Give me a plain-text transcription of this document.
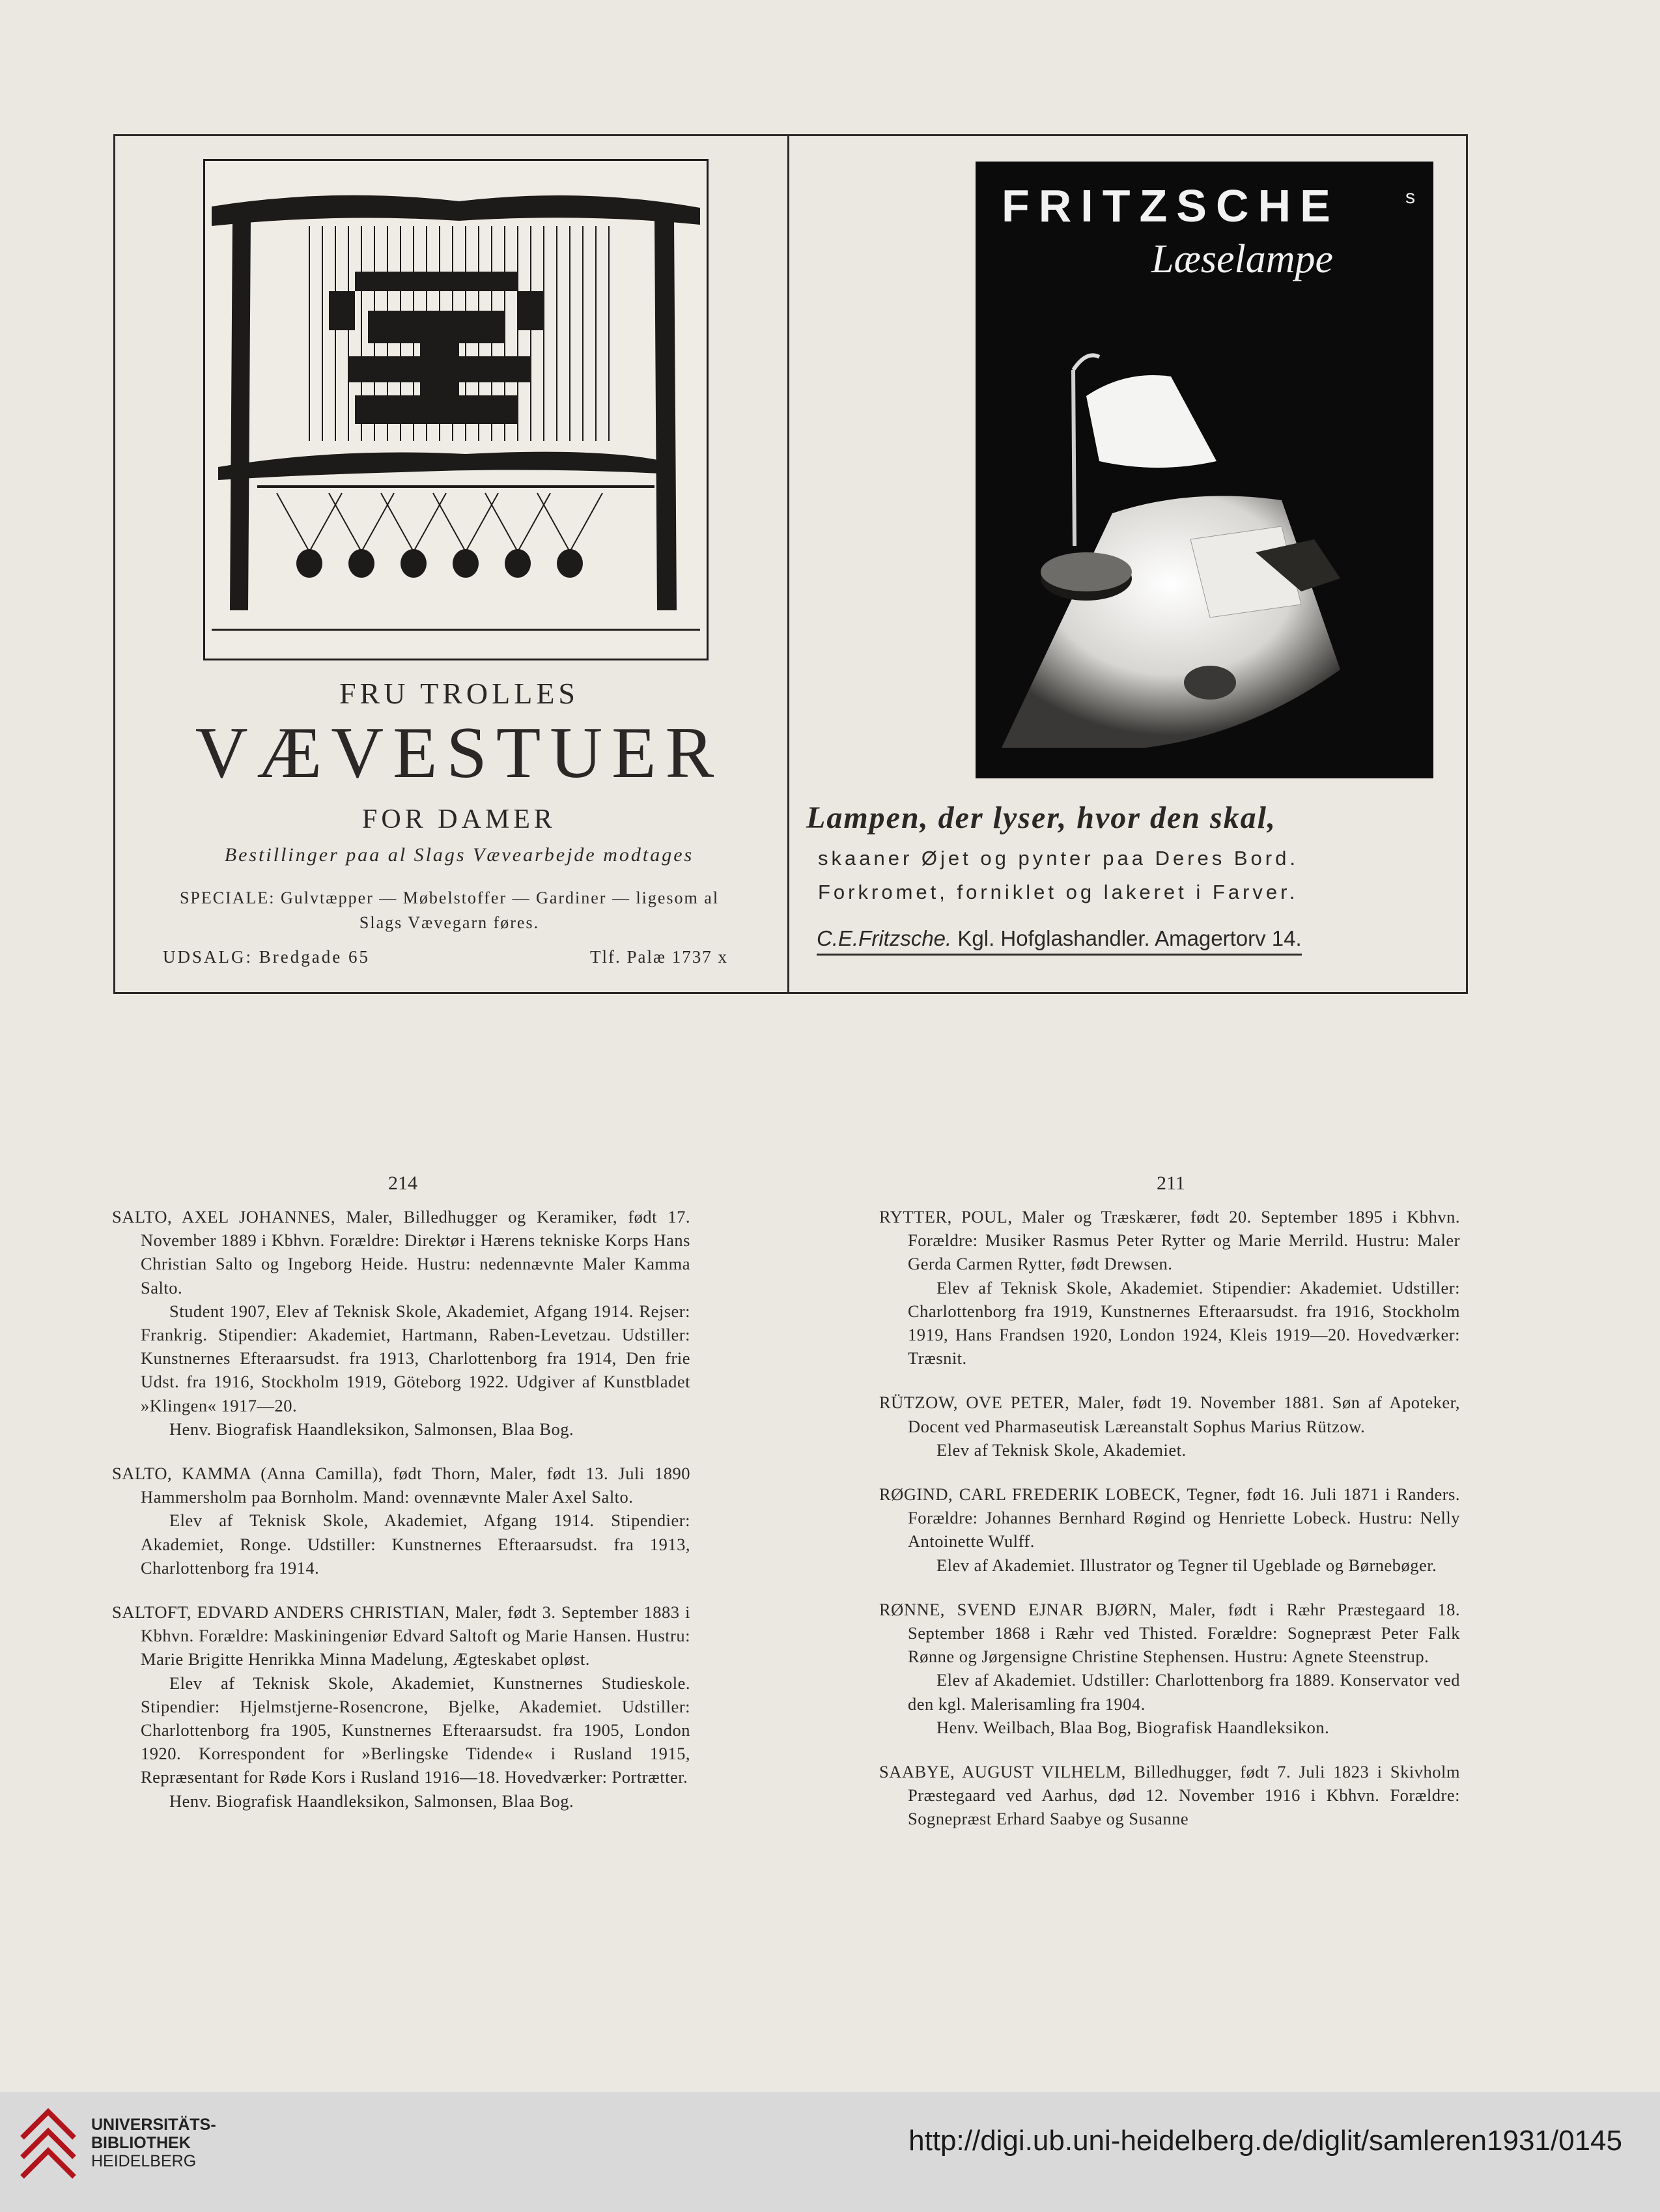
FRU TROLLES
VÆVESTUER
FOR DAMER
Bestillinger paa al Slags Vævearbejde modtages
SPECIALE: Gulvtæpper — Møbelstoffer — Gardiner — ligesom al Slags Vævegarn føres.
UDSALG: Bredgade 65	Tlf. Palæ 1737 x
FRITZSCHE	s
Læselampe
Lampen, der lyser, hvor den skal,
skaaner Øjet og pynter paa Deres Bord.
Forkromet, forniklet og lakeret i Farver.
C.E.Fritzsche. Kgl. Hofglashandler. Amagertorv 14.
214	211

SALTO, AXEL JOHANNES, Maler, Billedhugger og Keramiker, født 17. November 1889 i Kbhvn. Forældre: Direktør i Hærens tekniske Korps Hans Christian Salto og Ingeborg Heide. Hustru: nedennævnte Maler Kamma Salto.

Student 1907, Elev af Teknisk Skole, Akademiet, Afgang 1914. Rejser: Frankrig. Stipendier: Akademiet, Hartmann, Raben-Levetzau. Udstiller: Kunstnernes Efteraarsudst. fra 1913, Charlottenborg fra 1914, Den frie Udst. fra 1916, Stockholm 1919, Göteborg 1922. Udgiver af Kunstbladet »Klingen« 1917—20.

Henv. Biografisk Haandleksikon, Salmonsen, Blaa Bog.

SALTO, KAMMA (Anna Camilla), født Thorn, Maler, født 13. Juli 1890 Hammersholm paa Bornholm. Mand: ovennævnte Maler Axel Salto.

Elev af Teknisk Skole, Akademiet, Afgang 1914. Stipendier: Akademiet, Ronge. Udstiller: Kunstnernes Efteraarsudst. fra 1913, Charlottenborg fra 1914.

SALTOFT, EDVARD ANDERS CHRISTIAN, Maler, født 3. September 1883 i Kbhvn. Forældre: Maskiningeniør Edvard Saltoft og Marie Hansen. Hustru: Marie Brigitte Henrikka Minna Madelung, Ægteskabet opløst.

Elev af Teknisk Skole, Akademiet, Kunstnernes Studieskole. Stipendier: Hjelmstjerne-Rosencrone, Bjelke, Akademiet. Udstiller: Charlottenborg fra 1905, Kunstnernes Efteraarsudst. fra 1905, London 1920. Korrespondent for »Berlingske Tidende« i Rusland 1915, Repræsentant for Røde Kors i Rusland 1916—18. Hovedværker: Portrætter.

Henv. Biografisk Haandleksikon, Salmonsen, Blaa Bog.

RYTTER, POUL, Maler og Træskærer, født 20. September 1895 i Kbhvn. Forældre: Musiker Rasmus Peter Rytter og Marie Merrild. Hustru: Maler Gerda Carmen Rytter, født Drewsen.

Elev af Teknisk Skole, Akademiet. Stipendier: Akademiet. Udstiller: Charlottenborg fra 1919, Kunstnernes Efteraarsudst. fra 1916, Stockholm 1919, Hans Frandsen 1920, London 1924, Kleis 1919—20. Hovedværker: Træsnit.

RÜTZOW, OVE PETER, Maler, født 19. November 1881. Søn af Apoteker, Docent ved Pharmaseutisk Læreanstalt Sophus Marius Rützow.

Elev af Teknisk Skole, Akademiet.

RØGIND, CARL FREDERIK LOBECK, Tegner, født 16. Juli 1871 i Randers. Forældre: Johannes Bernhard Røgind og Henriette Lobeck. Hustru: Nelly Antoinette Wulff.

Elev af Akademiet. Illustrator og Tegner til Ugeblade og Børnebøger.

RØNNE, SVEND EJNAR BJØRN, Maler, født i Ræhr Præstegaard 18. September 1868 i Ræhr ved Thisted. Forældre: Sognepræst Peter Falk Rønne og Jørgensigne Christine Stephensen. Hustru: Agnete Steenstrup.

Elev af Akademiet. Udstiller: Charlottenborg fra 1889. Konservator ved den kgl. Malerisamling fra 1904.

Henv. Weilbach, Blaa Bog, Biografisk Haandleksikon.

SAABYE, AUGUST VILHELM, Billedhugger, født 7. Juli 1823 i Skivholm Præstegaard ved Aarhus, død 12. November 1916 i Kbhvn. Forældre: Sognepræst Erhard Saabye og Susanne

UNIVERSITÄTS-
BIBLIOTHEK
HEIDELBERG
http://digi.ub.uni-heidelberg.de/diglit/samleren1931/0145
